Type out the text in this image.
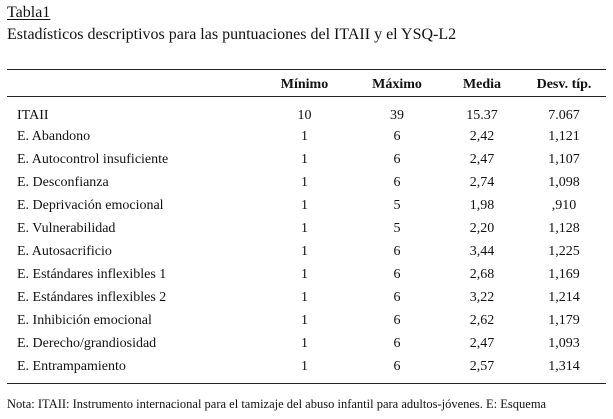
Tabla1
Estadísticos descriptivos para las puntuaciones del ITAII y el YSQ-L2
	Mínimo	Máximo	Media	Desv. típ.
ITAII	10	39	15.37	7.067
E. Abandono	1	6	2,42	1,121
E. Autocontrol insuficiente	1	6	2,47	1,107
E. Desconfianza	1	6	2,74	1,098
E. Deprivación emocional	1	5	1,98	,910
E. Vulnerabilidad	1	5	2,20	1,128
E. Autosacrificio	1	6	3,44	1,225
E. Estándares inflexibles 1	1	6	2,68	1,169
E. Estándares inflexibles 2	1	6	3,22	1,214
E. Inhibición emocional	1	6	2,62	1,179
E. Derecho/grandiosidad	1	6	2,47	1,093
E. Entrampamiento	1	6	2,57	1,314
Nota: ITAII: Instrumento internacional para el tamizaje del abuso infantil para adultos-jóvenes. E: Esquema
